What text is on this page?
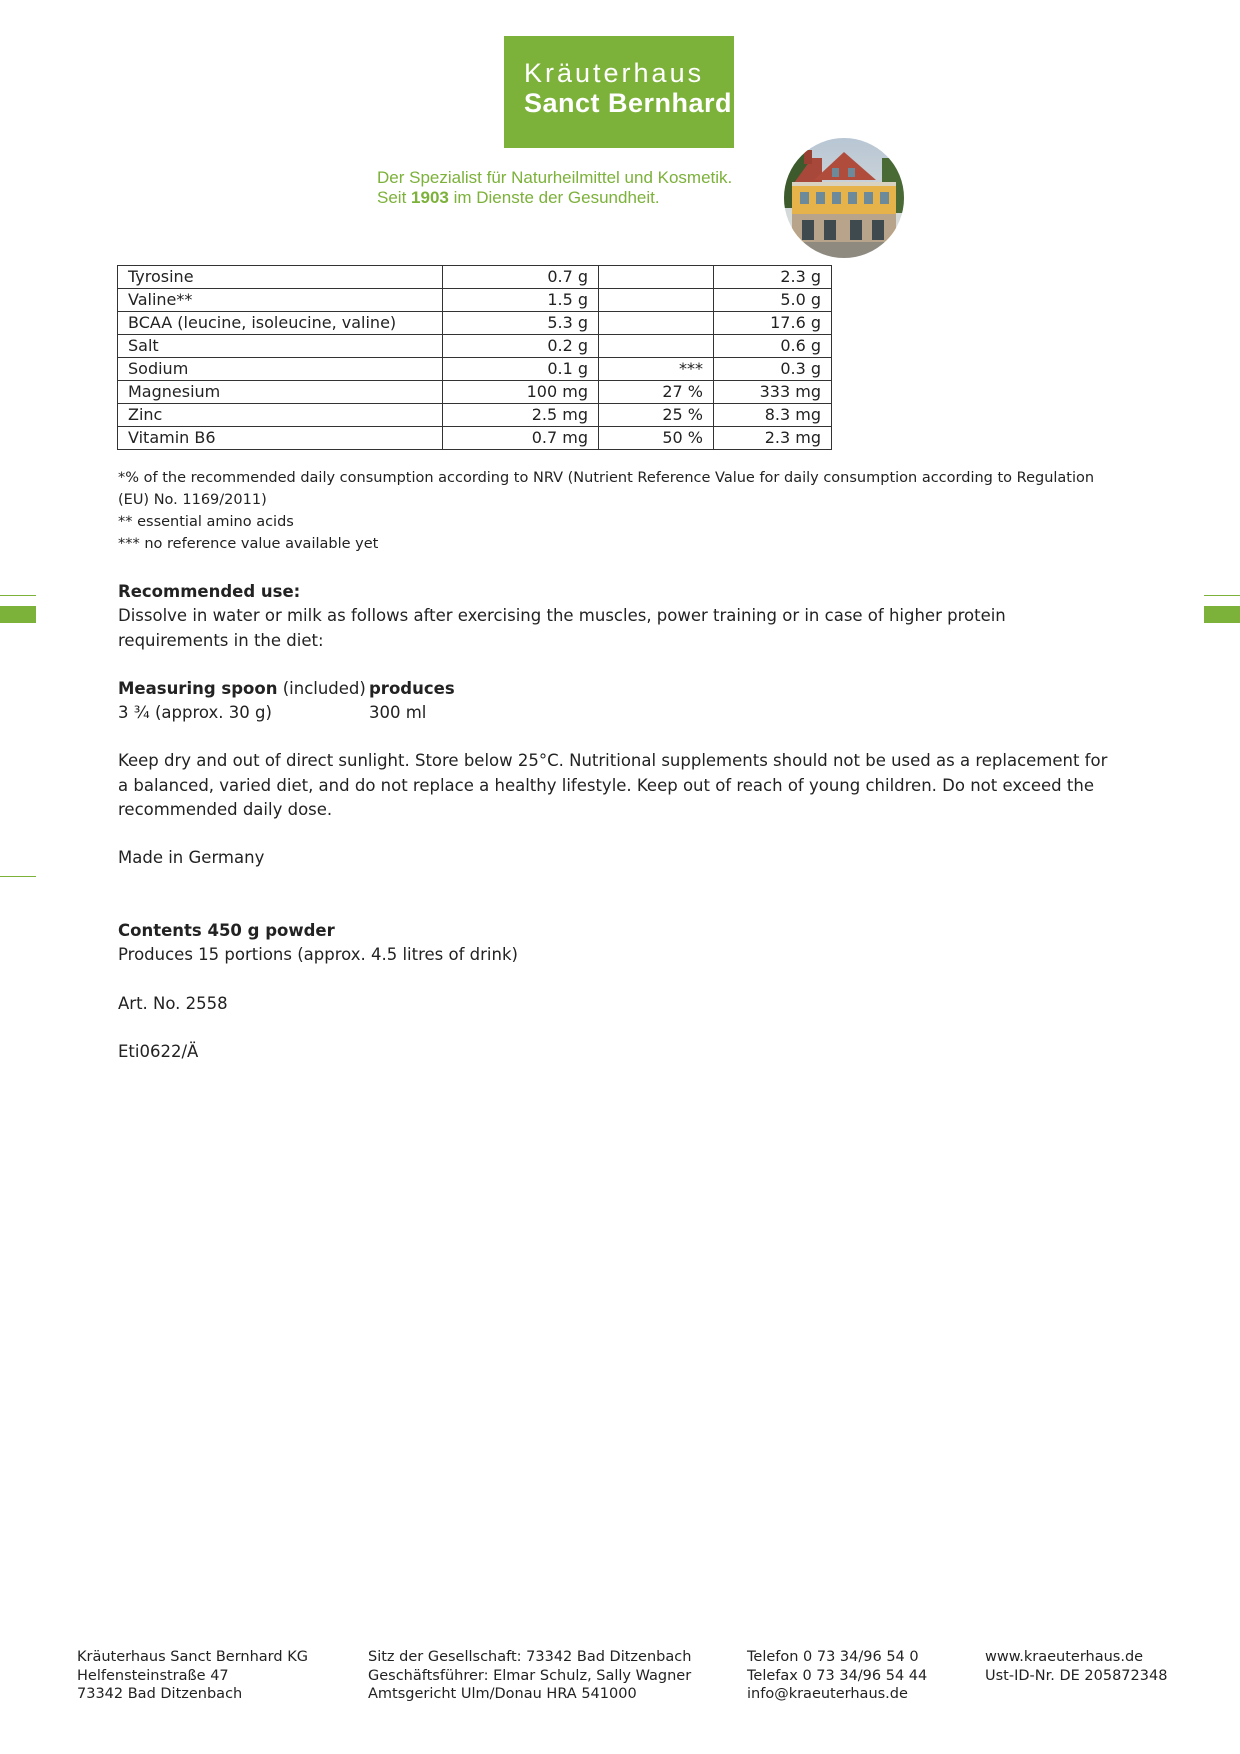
Kräuterhaus
Sanct Bernhard
Der Spezialist für Naturheilmittel und Kosmetik.
Seit 1903 im Dienste der Gesundheit.
Tyrosine	0.7 g		2.3 g
Valine**	1.5 g		5.0 g
BCAA (leucine, isoleucine, valine)	5.3 g		17.6 g
Salt	0.2 g		0.6 g
Sodium	0.1 g	***	0.3 g
Magnesium	100 mg	27 %	333 mg
Zinc	2.5 mg	25 %	8.3 mg
Vitamin B6	0.7 mg	50 %	2.3 mg
*% of the recommended daily consumption according to NRV (Nutrient Reference Value for daily consumption according to Regulation (EU) No. 1169/2011)
** essential amino acids
*** no reference value available yet
Recommended use:
Dissolve in water or milk as follows after exercising the muscles, power training or in case of higher protein requirements in the diet:
Measuring spoon (included) produces
3 ¾ (approx. 30 g)	300 ml
Keep dry and out of direct sunlight. Store below 25°C. Nutritional supplements should not be used as a replacement for a balanced, varied diet, and do not replace a healthy lifestyle. Keep out of reach of young children. Do not exceed the recommended daily dose.
Made in Germany
Contents 450 g powder
Produces 15 portions (approx. 4.5 litres of drink)
Art. No. 2558
Eti0622/Ä
Kräuterhaus Sanct Bernhard KG
Helfensteinstraße 47
73342 Bad Ditzenbach
Sitz der Gesellschaft: 73342 Bad Ditzenbach
Geschäftsführer: Elmar Schulz, Sally Wagner
Amtsgericht Ulm/Donau HRA 541000
Telefon 0 73 34/96 54 0
Telefax 0 73 34/96 54 44
info@kraeuterhaus.de
www.kraeuterhaus.de
Ust-ID-Nr. DE 205872348
